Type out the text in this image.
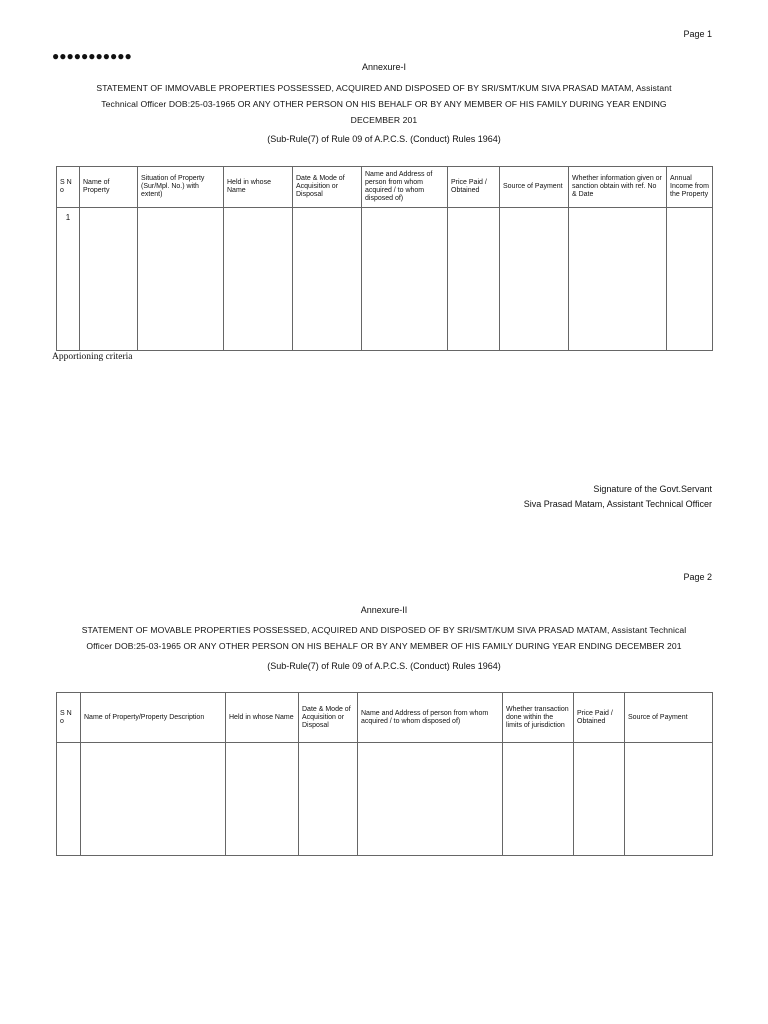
Page 1
●●●●●●●●●●●
Annexure-I
STATEMENT OF IMMOVABLE PROPERTIES POSSESSED, ACQUIRED AND DISPOSED OF BY SRI/SMT/KUM SIVA PRASAD MATAM, Assistant
Technical Officer DOB:25-03-1965 OR ANY OTHER PERSON ON HIS BEHALF OR BY ANY MEMBER OF HIS FAMILY DURING YEAR ENDING
DECEMBER 201
(Sub-Rule(7) of Rule 09 of A.P.C.S. (Conduct) Rules 1964)
S N o	Name of Property	Situation of Property (Sur/Mpl. No.) with extent)	Held in whose Name	Date & Mode of Acquisition or Disposal	Name and Address of person from whom acquired / to whom disposed of)	Price Paid / Obtained	Source of Payment	Whether information given or sanction obtain with ref. No & Date	Annual Income from the Property
1									
Apportioning criteria
Signature of the Govt.Servant
Siva Prasad Matam, Assistant Technical Officer
Page 2
Annexure-II
STATEMENT OF MOVABLE PROPERTIES POSSESSED, ACQUIRED AND DISPOSED OF BY SRI/SMT/KUM SIVA PRASAD MATAM, Assistant Technical
Officer DOB:25-03-1965 OR ANY OTHER PERSON ON HIS BEHALF OR BY ANY MEMBER OF HIS FAMILY DURING YEAR ENDING DECEMBER 201
(Sub-Rule(7) of Rule 09 of A.P.C.S. (Conduct) Rules 1964)
S N o	Name of Property/Property Description	Held in whose Name	Date & Mode of Acquisition or Disposal	Name and Address of person from whom acquired / to whom disposed of)	Whether transaction done within the limits of jurisdiction	Price Paid / Obtained	Source of Payment
